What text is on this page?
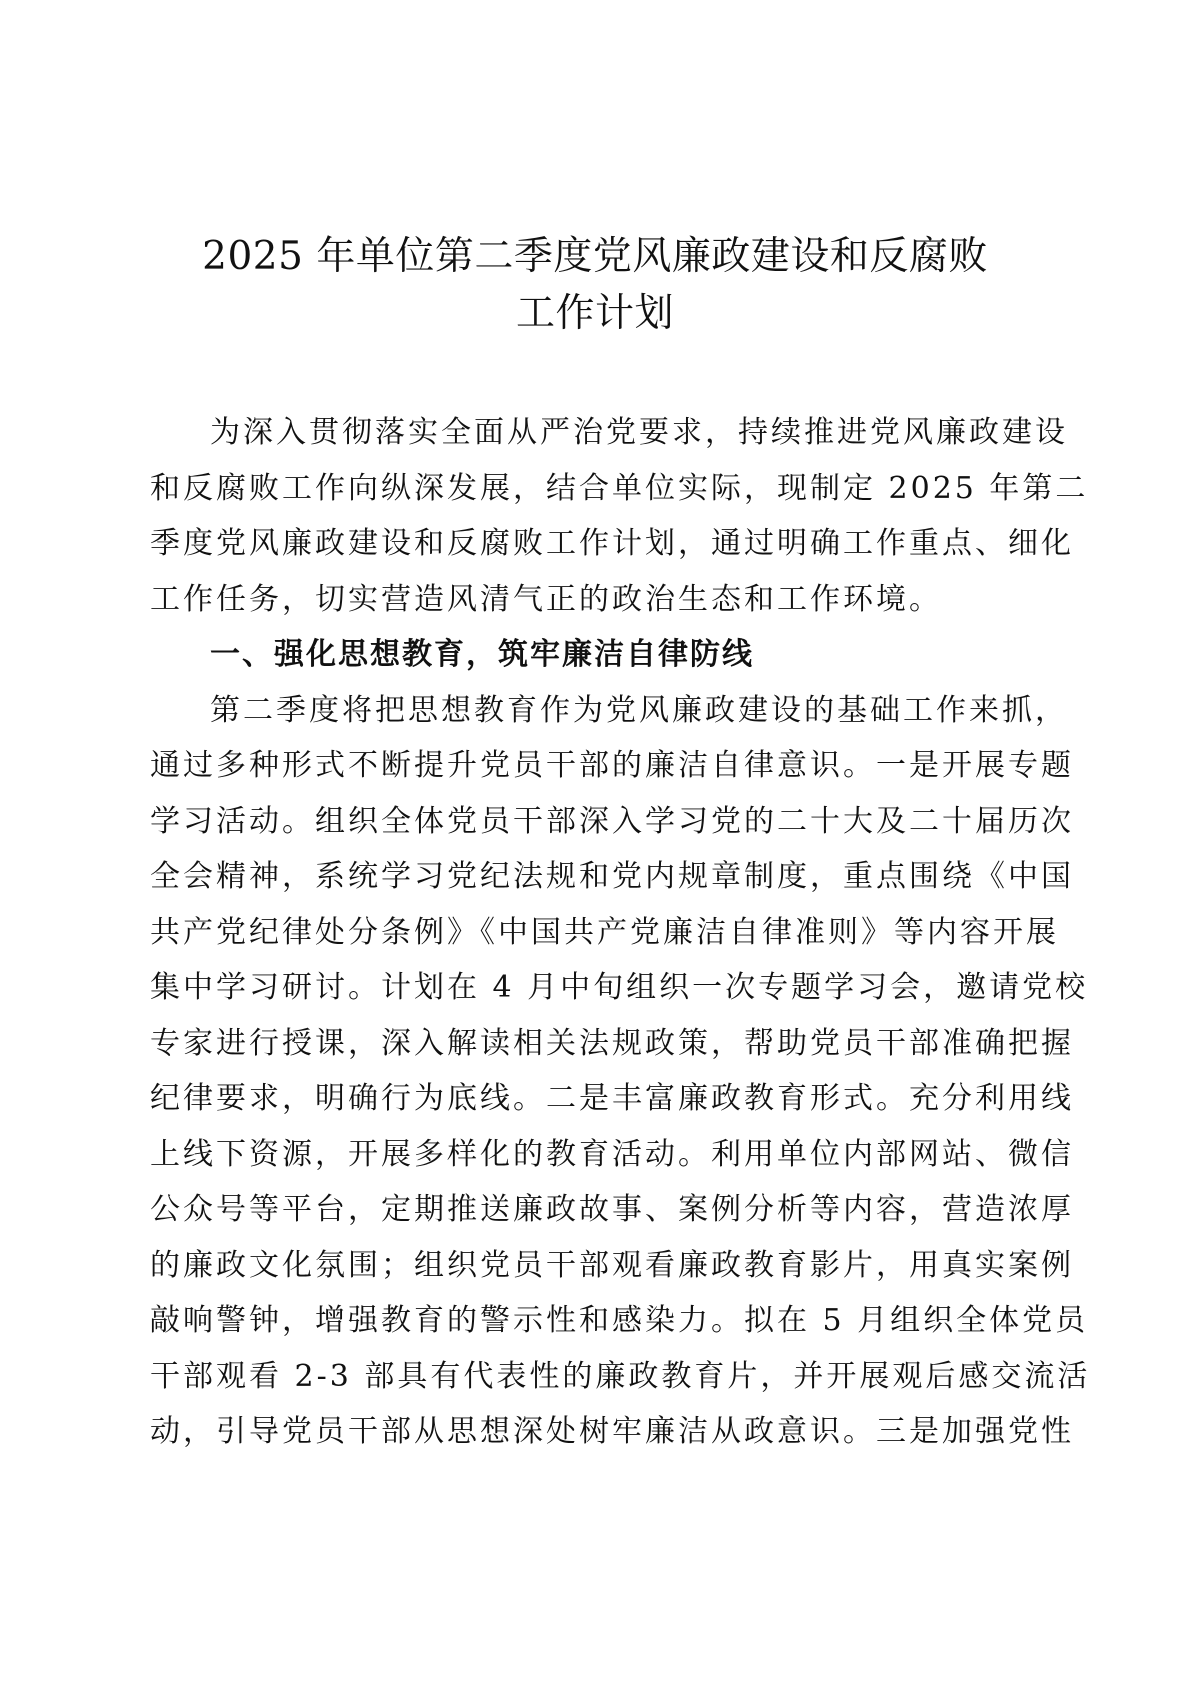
2025 年单位第二季度党风廉政建设和反腐败
工作计划

为深入贯彻落实全面从严治党要求，持续推进党风廉政建设
和反腐败工作向纵深发展，结合单位实际，现制定 2025 年第二
季度党风廉政建设和反腐败工作计划，通过明确工作重点、细化
工作任务，切实营造风清气正的政治生态和工作环境。

一、强化思想教育，筑牢廉洁自律防线

第二季度将把思想教育作为党风廉政建设的基础工作来抓，
通过多种形式不断提升党员干部的廉洁自律意识。一是开展专题
学习活动。组织全体党员干部深入学习党的二十大及二十届历次
全会精神，系统学习党纪法规和党内规章制度，重点围绕《中国
共产党纪律处分条例》《中国共产党廉洁自律准则》等内容开展
集中学习研讨。计划在 4 月中旬组织一次专题学习会，邀请党校
专家进行授课，深入解读相关法规政策，帮助党员干部准确把握
纪律要求，明确行为底线。二是丰富廉政教育形式。充分利用线
上线下资源，开展多样化的教育活动。利用单位内部网站、微信
公众号等平台，定期推送廉政故事、案例分析等内容，营造浓厚
的廉政文化氛围；组织党员干部观看廉政教育影片，用真实案例
敲响警钟，增强教育的警示性和感染力。拟在 5 月组织全体党员
干部观看 2-3 部具有代表性的廉政教育片，并开展观后感交流活
动，引导党员干部从思想深处树牢廉洁从政意识。三是加强党性
